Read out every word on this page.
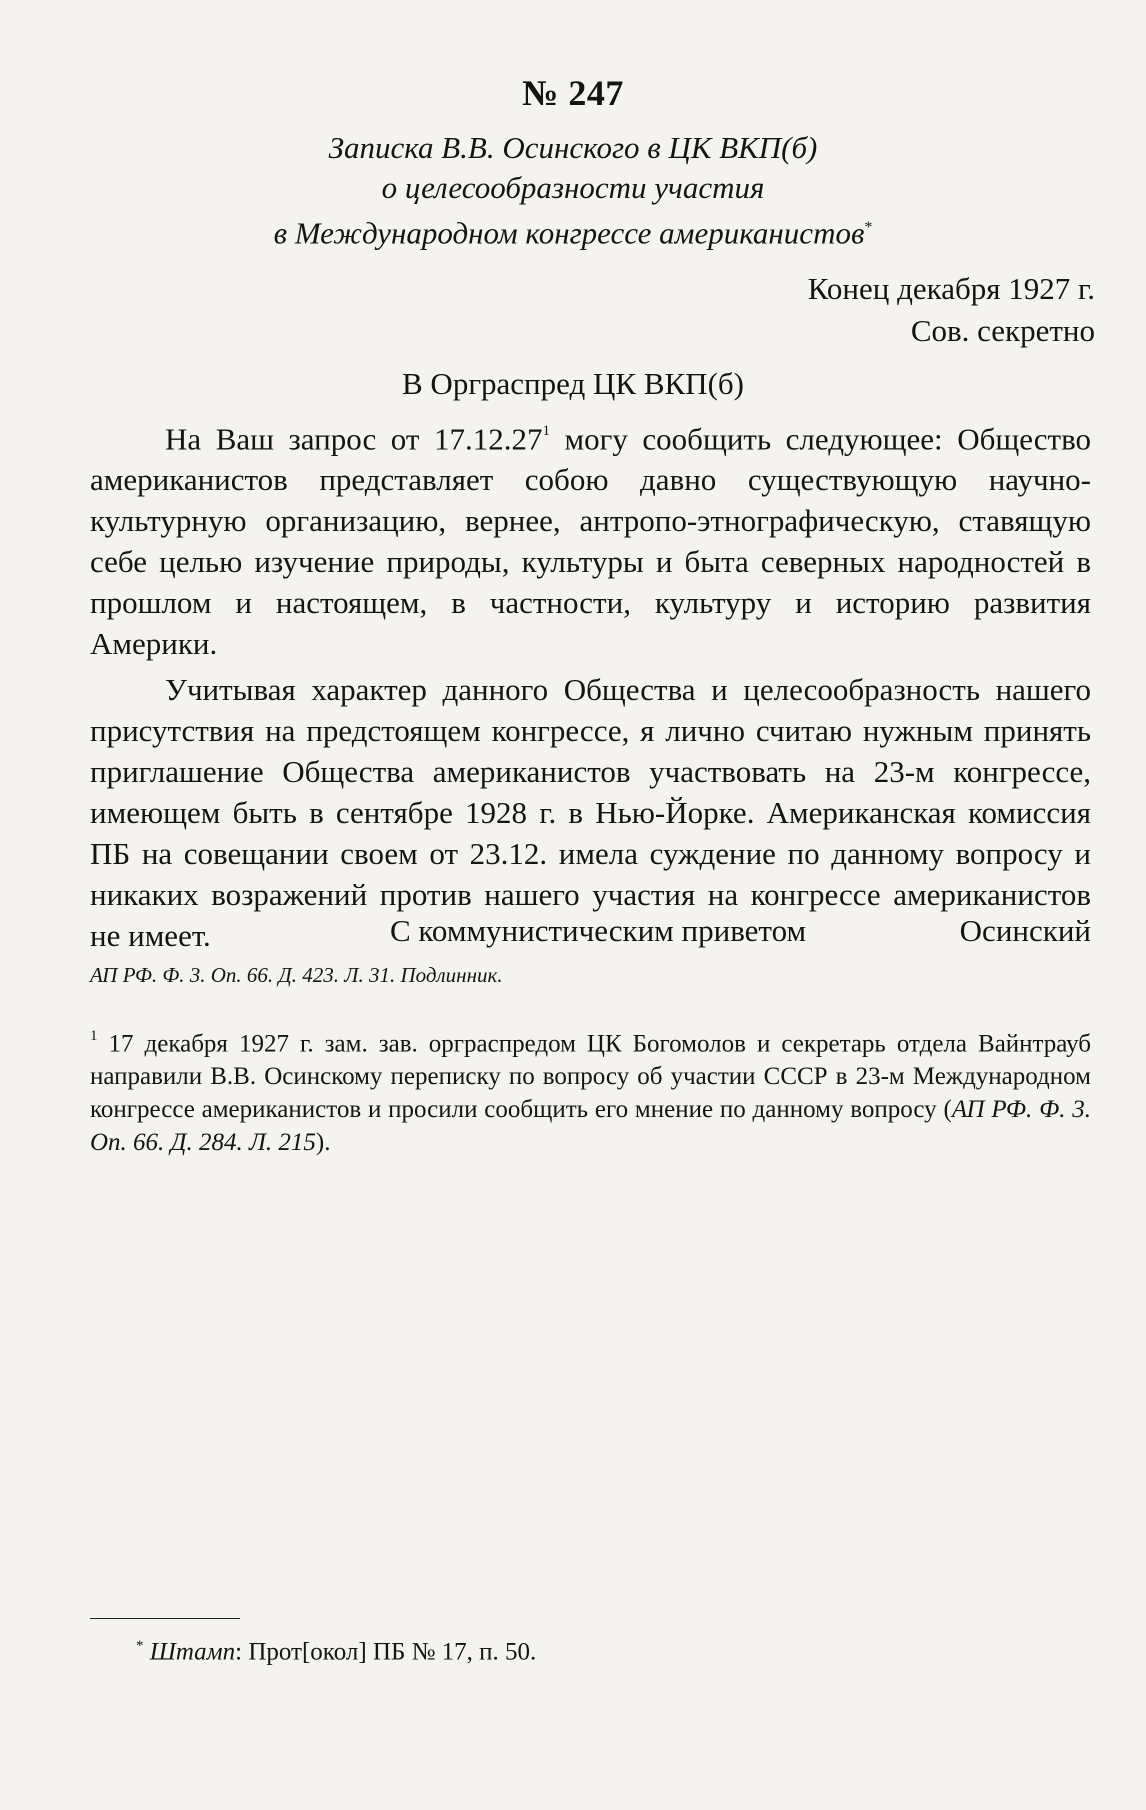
№ 247
Записка В.В. Осинского в ЦК ВКП(б)
о целесообразности участия
в Международном конгрессе американистов*
Конец декабря 1927 г.
Сов. секретно
В Орграспред ЦК ВКП(б)

На Ваш запрос от 17.12.27$^1$ могу сообщить следующее: Общество американистов представляет собою давно существующую научно-культурную организацию, вернее, антропо-этнографическую, ставящую себе целью изучение природы, культуры и быта северных народностей в прошлом и настоящем, в частности, культуру и историю развития Америки.

Учитывая характер данного Общества и целесообразность нашего присутствия на предстоящем конгрессе, я лично считаю нужным принять приглашение Общества американистов участвовать на 23-м конгрессе, имеющем быть в сентябре 1928 г. в Нью-Йорке. Американская комиссия ПБ на совещании своем от 23.12. имела суждение по данному вопросу и никаких возражений против нашего участия на конгрессе американистов не имеет.	С коммунистическим приветом	Осинский
АП РФ. Ф. 3. Оп. 66. Д. 423. Л. 31. Подлинник.
$^1$ 17 декабря 1927 г. зам. зав. орграспредом ЦК Богомолов и секретарь отдела Вайнтрауб направили В.В. Осинскому переписку по вопросу об участии СССР в 23-м Международном конгрессе американистов и просили сообщить его мнение по данному вопросу (АП РФ. Ф. 3. Оп. 66. Д. 284. Л. 215).
* Штамп: Прот[окол] ПБ № 17, п. 50.
